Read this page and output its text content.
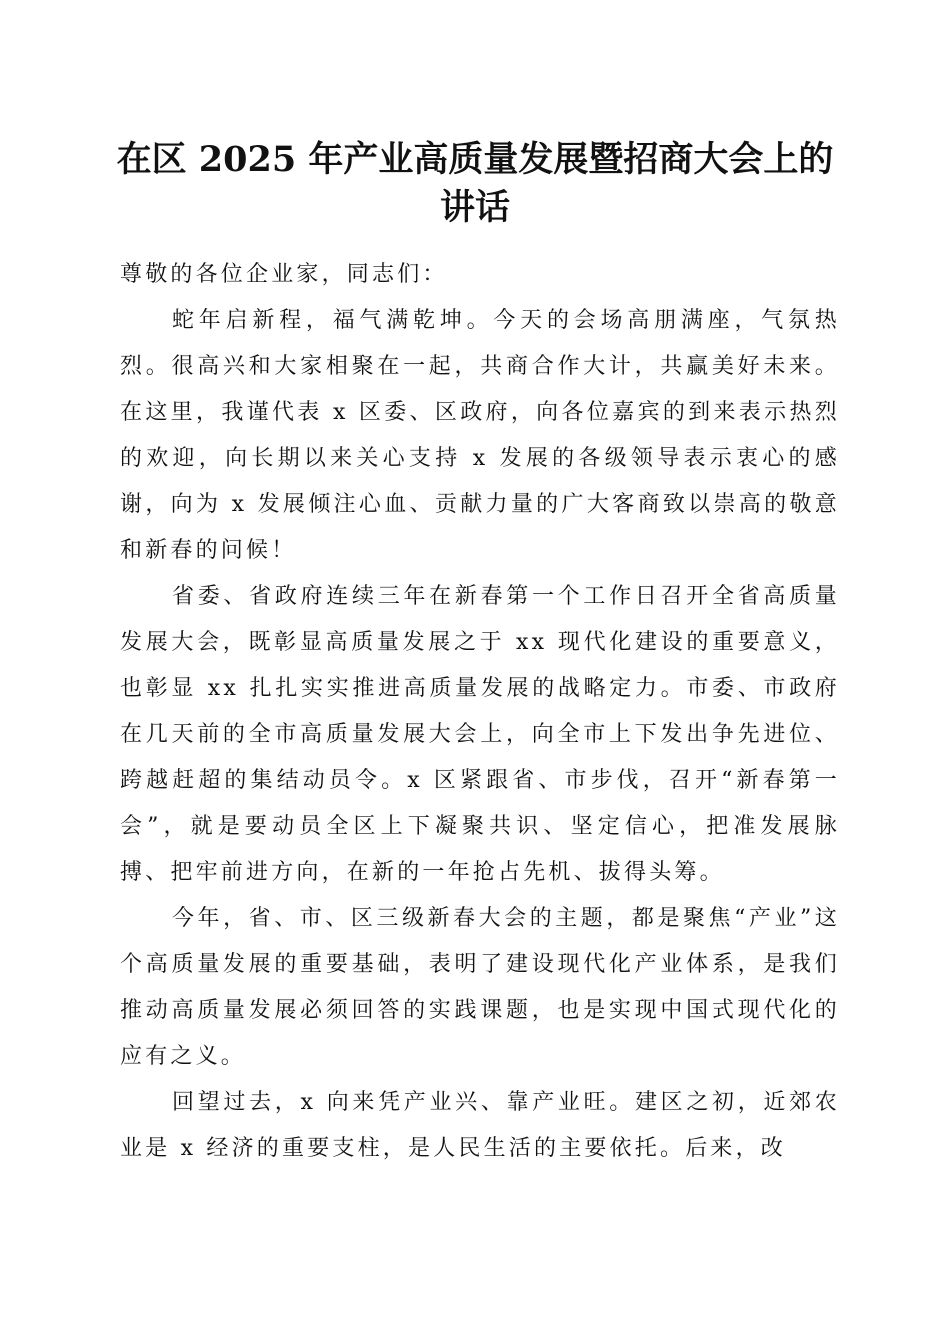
在区 2025 年产业高质量发展暨招商大会上的讲话

尊敬的各位企业家，同志们：

蛇年启新程，福气满乾坤。今天的会场高朋满座，气氛热烈。很高兴和大家相聚在一起，共商合作大计，共赢美好未来。在这里，我谨代表 x 区委、区政府，向各位嘉宾的到来表示热烈的欢迎，向长期以来关心支持 x 发展的各级领导表示衷心的感谢，向为 x 发展倾注心血、贡献力量的广大客商致以崇高的敬意和新春的问候！

省委、省政府连续三年在新春第一个工作日召开全省高质量发展大会，既彰显高质量发展之于 xx 现代化建设的重要意义，也彰显 xx 扎扎实实推进高质量发展的战略定力。市委、市政府在几天前的全市高质量发展大会上，向全市上下发出争先进位、跨越赶超的集结动员令。x 区紧跟省、市步伐，召开“新春第一会”，就是要动员全区上下凝聚共识、坚定信心，把准发展脉搏、把牢前进方向，在新的一年抢占先机、拔得头筹。

今年，省、市、区三级新春大会的主题，都是聚焦“产业”这个高质量发展的重要基础，表明了建设现代化产业体系，是我们推动高质量发展必须回答的实践课题，也是实现中国式现代化的应有之义。

回望过去，x 向来凭产业兴、靠产业旺。建区之初，近郊农业是 x 经济的重要支柱，是人民生活的主要依托。后来，改
